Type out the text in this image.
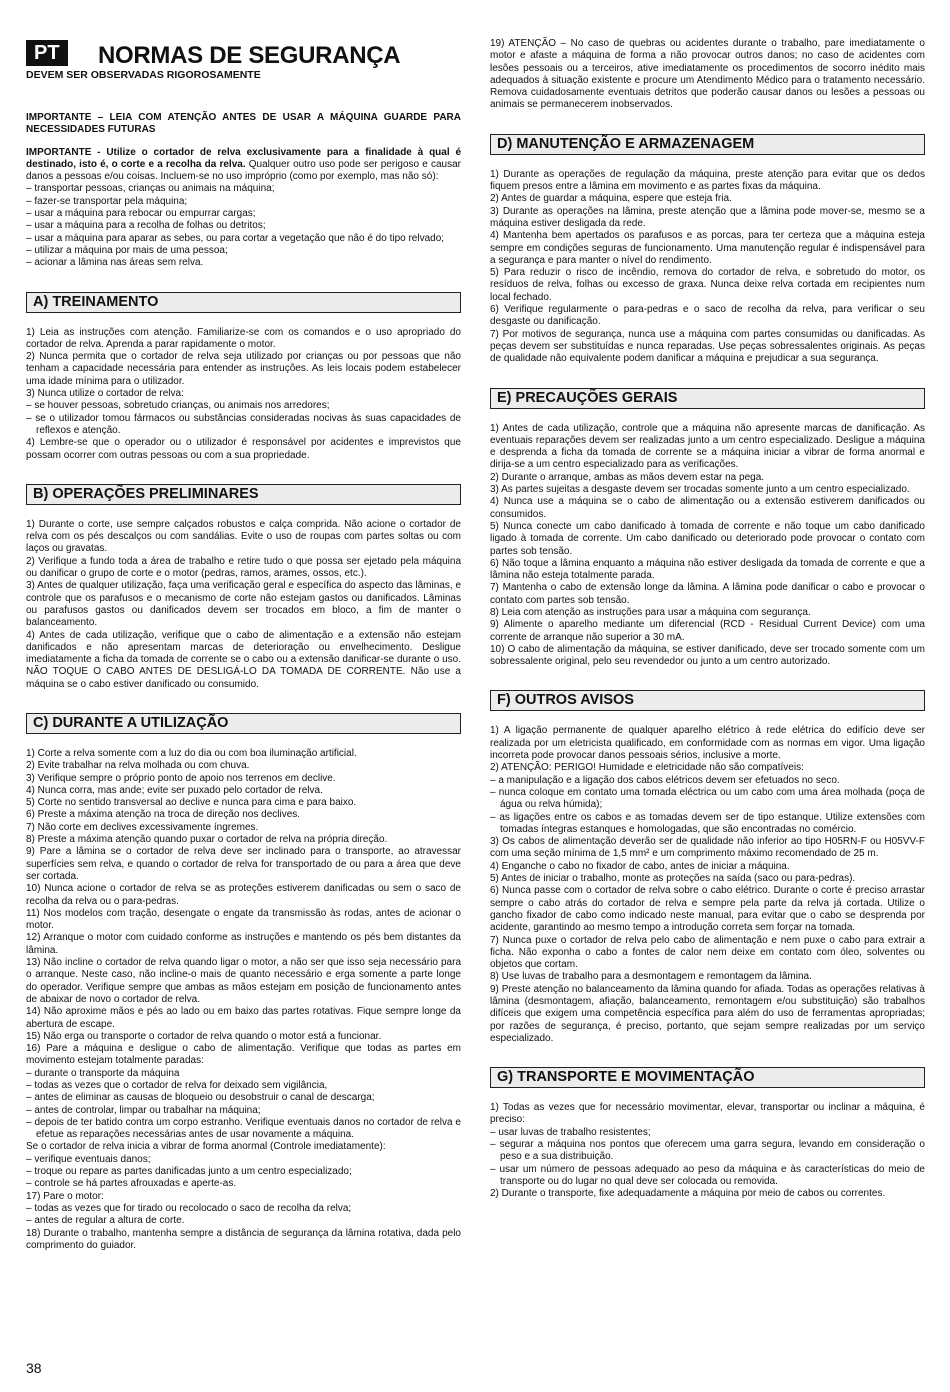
PT	NORMAS DE SEGURANÇA
DEVEM SER OBSERVADAS RIGOROSAMENTE

IMPORTANTE – LEIA COM ATENÇÃO ANTES DE USAR A MÁQUINA GUARDE PARA NECESSIDADES FUTURAS

IMPORTANTE - Utilize o cortador de relva exclusivamente para a finalidade à qual é destinado, isto é, o corte e a recolha da relva. Qualquer outro uso pode ser perigoso e causar danos a pessoas e/ou coisas. Incluem-se no uso impróprio (como por exemplo, mas não só):

– transportar pessoas, crianças ou animais na máquina;

– fazer-se transportar pela máquina;

– usar a máquina para rebocar ou empurrar cargas;

– usar a máquina para a recolha de folhas ou detritos;

– usar a máquina para aparar as sebes, ou para cortar a vegetação que não é do tipo relvado;

– utilizar a máquina por mais de uma pessoa;

– acionar a lâmina nas áreas sem relva.

A) TREINAMENTO

1) Leia as instruções com atenção. Familiarize-se com os comandos e o uso apropriado do cortador de relva. Aprenda a parar rapidamente o motor.

2) Nunca permita que o cortador de relva seja utilizado por crianças ou por pessoas que não tenham a capacidade necessária para entender as instruções. As leis locais podem estabelecer uma idade mínima para o utilizador.

3) Nunca utilize o cortador de relva:

– se houver pessoas, sobretudo crianças, ou animais nos arredores;

– se o utilizador tomou fármacos ou substâncias consideradas nocivas às suas capacidades de reflexos e atenção.

4) Lembre-se que o operador ou o utilizador é responsável por acidentes e imprevistos que possam ocorrer com outras pessoas ou com a sua propriedade.

B) OPERAÇÕES PRELIMINARES

1) Durante o corte, use sempre calçados robustos e calça comprida. Não acione o cortador de relva com os pés descalços ou com sandálias. Evite o uso de roupas com partes soltas ou com laços ou gravatas.

2) Verifique a fundo toda a área de trabalho e retire tudo o que possa ser ejetado pela máquina ou danificar o grupo de corte e o motor (pedras, ramos, arames, ossos, etc.).

3) Antes de qualquer utilização, faça uma verificação geral e específica do aspecto das lâminas, e controle que os parafusos e o mecanismo de corte não estejam gastos ou danificados. Lâminas ou parafusos gastos ou danificados devem ser trocados em bloco, a fim de manter o balanceamento.

4) Antes de cada utilização, verifique que o cabo de alimentação e a extensão não estejam danificados e não apresentam marcas de deterioração ou envelhecimento. Desligue imediatamente a ficha da tomada de corrente se o cabo ou a extensão danificar-se durante o uso. NÃO TOQUE O CABO ANTES DE DESLIGÁ-LO DA TOMADA DE CORRENTE. Não use a máquina se o cabo estiver danificado ou consumido.

C) DURANTE A UTILIZAÇÃO

1) Corte a relva somente com a luz do dia ou com boa iluminação artificial.

2) Evite trabalhar na relva molhada ou com chuva.

3) Verifique sempre o próprio ponto de apoio nos terrenos em declive.

4) Nunca corra, mas ande; evite ser puxado pelo cortador de relva.

5) Corte no sentido transversal ao declive e nunca para cima e para baixo.

6) Preste a máxima atenção na troca de direção nos declives.

7) Não corte em declives excessivamente íngremes.

8) Preste a máxima atenção quando puxar o cortador de relva na própria direção.

9) Pare a lâmina se o cortador de relva deve ser inclinado para o transporte, ao atravessar superfícies sem relva, e quando o cortador de relva for transportado de ou para a área que deve ser cortada.

10) Nunca acione o cortador de relva se as proteções estiverem danificadas ou sem o saco de recolha da relva ou o para-pedras.

11) Nos modelos com tração, desengate o engate da transmissão às rodas, antes de acionar o motor.

12) Arranque o motor com cuidado conforme as instruções e mantendo os pés bem distantes da lâmina.

13) Não incline o cortador de relva quando ligar o motor, a não ser que isso seja necessário para o arranque. Neste caso, não incline-o mais de quanto necessário e erga somente a parte longe do operador. Verifique sempre que ambas as mãos estejam em posição de funcionamento antes de abaixar de novo o cortador de relva.

14) Não aproxime mãos e pés ao lado ou em baixo das partes rotativas. Fique sempre longe da abertura de escape.

15) Não erga ou transporte o cortador de relva quando o motor está a funcionar.

16) Pare a máquina e desligue o cabo de alimentação. Verifique que todas as partes em movimento estejam totalmente paradas:

– durante o transporte da máquina

– todas as vezes que o cortador de relva for deixado sem vigilância,

– antes de eliminar as causas de bloqueio ou desobstruir o canal de descarga;

– antes de controlar, limpar ou trabalhar na máquina;

– depois de ter batido contra um corpo estranho. Verifique eventuais danos no cortador de relva e efetue as reparações necessárias antes de usar novamente a máquina.

Se o cortador de relva inicia a vibrar de forma anormal (Controle imediatamente):

– verifique eventuais danos;

– troque ou repare as partes danificadas junto a um centro especializado;

– controle se há partes afrouxadas e aperte-as.

17) Pare o motor:

– todas as vezes que for tirado ou recolocado o saco de recolha da relva;

– antes de regular a altura de corte.

18) Durante o trabalho, mantenha sempre a distância de segurança da lâmina rotativa, dada pelo comprimento do guiador.

19) ATENÇÃO – No caso de quebras ou acidentes durante o trabalho, pare imediatamente o motor e afaste a máquina de forma a não provocar outros danos; no caso de acidentes com lesões pessoais ou a terceiros, ative imediatamente os procedimentos de socorro inédito mais adequados à situação existente e procure um Atendimento Médico para o tratamento necessário. Remova cuidadosamente eventuais detritos que poderão causar danos ou lesões a pessoas ou animais se permanecerem inobservados.

D) MANUTENÇÃO E ARMAZENAGEM

1) Durante as operações de regulação da máquina, preste atenção para evitar que os dedos fiquem presos entre a lâmina em movimento e as partes fixas da máquina.

2) Antes de guardar a máquina, espere que esteja fria.

3) Durante as operações na lâmina, preste atenção que a lâmina pode mover-se, mesmo se a máquina estiver desligada da rede.

4) Mantenha bem apertados os parafusos e as porcas, para ter certeza que a máquina esteja sempre em condições seguras de funcionamento. Uma manutenção regular é indispensável para a segurança e para manter o nível do rendimento.

5) Para reduzir o risco de incêndio, remova do cortador de relva, e sobretudo do motor, os resíduos de relva, folhas ou excesso de graxa. Nunca deixe relva cortada em recipientes num local fechado.

6) Verifique regularmente o para-pedras e o saco de recolha da relva, para verificar o seu desgaste ou danificação.

7) Por motivos de segurança, nunca use a máquina com partes consumidas ou danificadas. As peças devem ser substituídas e nunca reparadas. Use peças sobressalentes originais. As peças de qualidade não equivalente podem danificar a máquina e prejudicar a sua segurança.

E) PRECAUÇÕES GERAIS

1) Antes de cada utilização, controle que a máquina não apresente marcas de danificação. As eventuais reparações devem ser realizadas junto a um centro especializado. Desligue a máquina e desprenda a ficha da tomada de corrente se a máquina iniciar a vibrar de forma anormal e dirija-se a um centro especializado para as verificações.

2) Durante o arranque, ambas as mãos devem estar na pega.

3) As partes sujeitas a desgaste devem ser trocadas somente junto a um centro especializado.

4) Nunca use a máquina se o cabo de alimentação ou a extensão estiverem danificados ou consumidos.

5) Nunca conecte um cabo danificado à tomada de corrente e não toque um cabo danificado ligado à tomada de corrente. Um cabo danificado ou deteriorado pode provocar o contato com partes sob tensão.

6) Não toque a lâmina enquanto a máquina não estiver desligada da tomada de corrente e que a lâmina não esteja totalmente parada.

7) Mantenha o cabo de extensão longe da lâmina. A lâmina pode danificar o cabo e provocar o contato com partes sob tensão.

8) Leia com atenção as instruções para usar a máquina com segurança.

9) Alimente o aparelho mediante um diferencial (RCD - Residual Current Device) com uma corrente de arranque não superior a 30 mA.

10) O cabo de alimentação da máquina, se estiver danificado, deve ser trocado somente com um sobressalente original, pelo seu revendedor ou junto a um centro autorizado.

F) OUTROS AVISOS

1) A ligação permanente de qualquer aparelho elétrico à rede elétrica do edifício deve ser realizada por um eletricista qualificado, em conformidade com as normas em vigor. Uma ligação incorreta pode provocar danos pessoais sérios, inclusive a morte.

2) ATENÇÃO: PERIGO! Humidade e eletricidade não são compatíveis:

– a manipulação e a ligação dos cabos elétricos devem ser efetuados no seco.

– nunca coloque em contato uma tomada eléctrica ou um cabo com uma área molhada (poça de água ou relva húmida);

– as ligações entre os cabos e as tomadas devem ser de tipo estanque. Utilize extensões com tomadas íntegras estanques e homologadas, que são encontradas no comércio.

3) Os cabos de alimentação deverão ser de qualidade não inferior ao tipo H05RN-F ou H05VV-F com uma seção mínima de 1,5 mm² e um comprimento máximo recomendado de 25 m.

4) Enganche o cabo no fixador de cabo, antes de iniciar a máquina.

5) Antes de iniciar o trabalho, monte as proteções na saída (saco ou para-pedras).

6) Nunca passe com o cortador de relva sobre o cabo elétrico. Durante o corte é preciso arrastar sempre o cabo atrás do cortador de relva e sempre pela parte da relva já cortada. Utilize o gancho fixador de cabo como indicado neste manual, para evitar que o cabo se desprenda por acidente, garantindo ao mesmo tempo a introdução correta sem forçar na tomada.

7) Nunca puxe o cortador de relva pelo cabo de alimentação e nem puxe o cabo para extrair a ficha. Não exponha o cabo a fontes de calor nem deixe em contato com óleo, solventes ou objetos que cortam.

8) Use luvas de trabalho para a desmontagem e remontagem da lâmina.

9) Preste atenção no balanceamento da lâmina quando for afiada. Todas as operações relativas à lâmina (desmontagem, afiação, balanceamento, remontagem e/ou substituição) são trabalhos difíceis que exigem uma competência específica para além do uso de ferramentas apropriadas; por razões de segurança, é preciso, portanto, que sejam sempre realizadas por um serviço especializado.

G) TRANSPORTE E MOVIMENTAÇÃO

1) Todas as vezes que for necessário movimentar, elevar, transportar ou inclinar a máquina, é preciso:

– usar luvas de trabalho resistentes;

– segurar a máquina nos pontos que oferecem uma garra segura, levando em consideração o peso e a sua distribuição.

– usar um número de pessoas adequado ao peso da máquina e às características do meio de transporte ou do lugar no qual deve ser colocada ou removida.

2) Durante o transporte, fixe adequadamente a máquina por meio de cabos ou correntes.

38
